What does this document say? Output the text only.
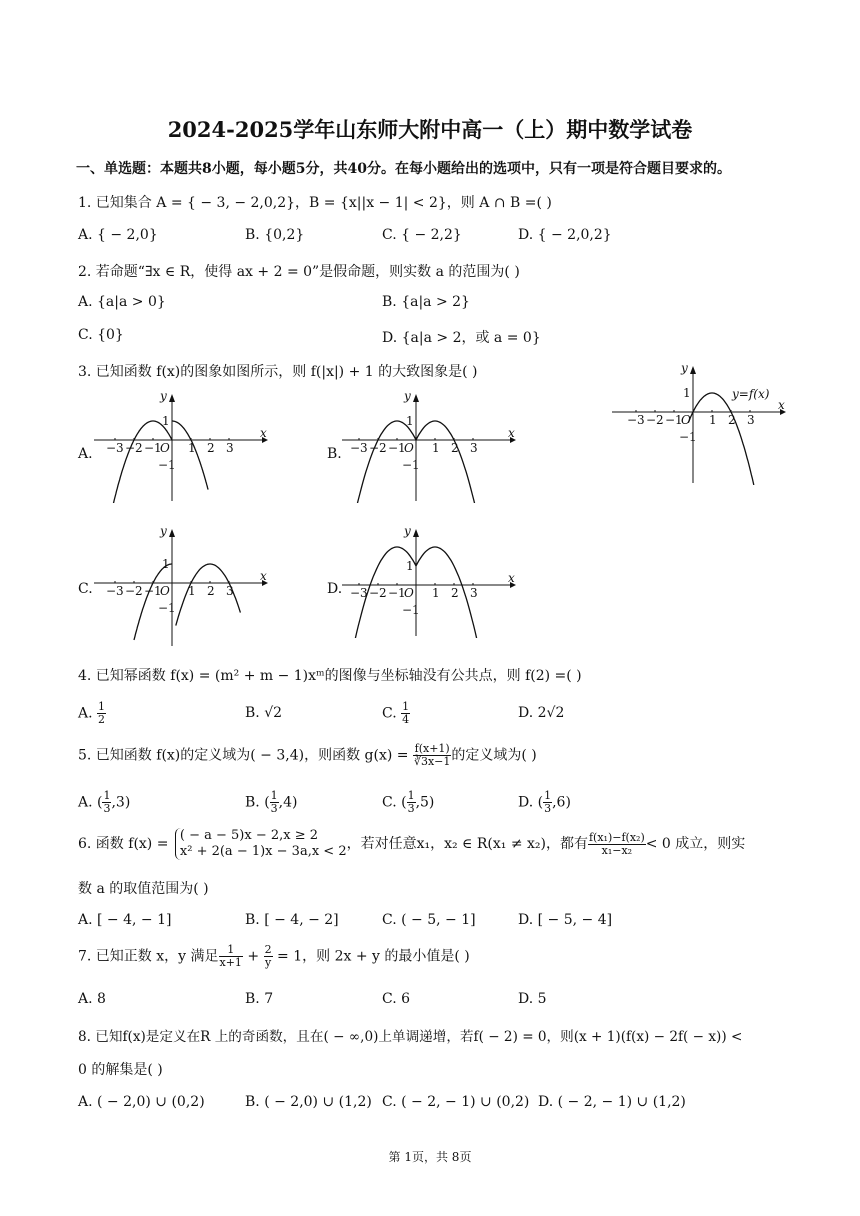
2024-2025学年山东师大附中高一（上）期中数学试卷
一、单选题：本题共8小题，每小题5分，共40分。在每小题给出的选项中，只有一项是符合题目要求的。
1. 已知集合 A = { − 3, − 2,0,2}，B = {x||x − 1| < 2}，则 A ∩ B =( )
A. { − 2,0}	B. {0,2}	C. { − 2,2}	D. { − 2,0,2}
2. 若命题“∃x ∈ R，使得 ax + 2 = 0”是假命题，则实数 a 的范围为( )
A. {a|a > 0}	B. {a|a > 2}
C. {0}	D. {a|a > 2，或 a = 0}
3. 已知函数 f(x)的图象如图所示，则 f(|x|) + 1 的大致图象是( )
A.	B.
C.	D.
x
y
O
−3 −2 −1 1 2 3
1
−1
y=f(x)
x
y
O
−3 −2 −1 1 2 3
1
−1
x
y
O
−3 −2 −1 1 2 3
1
−1
x
y
O
−3 −2 −1 1 2 3
1
−1
x
y
O
−3 −2 −1 1 2 3
1
−1
4. 已知幂函数 f(x) = (m² + m − 1)xᵐ的图像与坐标轴没有公共点，则 f(2) =( )
A. $\frac{1}{2}$	B. √2	C. $\frac{1}{4}$	D. 2√2
5. 已知函数 f(x)的定义域为( − 3,4)，则函数 $g(x) = \frac{f(x+1)}{∛3x-1}$ 的定义域为( )
A. ( $\frac{1}{3} ,3$)	B. ( $\frac{1}{3} ,4$)	C. ( $\frac{1}{3} ,5$)	D. ( $\frac{1}{3} ,6$)
6. 函数 f(x) =
( − a − 5)x − 2,x ≥ 2
x² + 2(a − 1)x − 3a,x < 2 ，若对任意x₁，x₂ ∈ R(x₁ ≠ x₂)，都有 $\frac{\text{f(x₁)−f(x₂)}}{\text{x₁−x₂}} < 0$ 成立，则实
数 a 的取值范围为( )
A. [ − 4, − 1]	B. [ − 4, − 2]	C. ( − 5, − 1]	D. [ − 5, − 4]
7. 已知正数 x，y 满足 $\frac{1}{x+1} + \frac{2}{y} = 1$，则 2x + y 的最小值是( )
A. 8	B. 7	C. 6	D. 5
8. 已知f(x)是定义在R 上的奇函数，且在( − ∞,0)上单调递增，若f( − 2) = 0，则(x + 1)(f(x) − 2f( − x)) <
0 的解集是( )
A. ( − 2,0) ∪ (0,2)	B. ( − 2,0) ∪ (1,2) C. ( − 2, − 1) ∪ (0,2) D. ( − 2, − 1) ∪ (1,2)
第 1页，共 8页
